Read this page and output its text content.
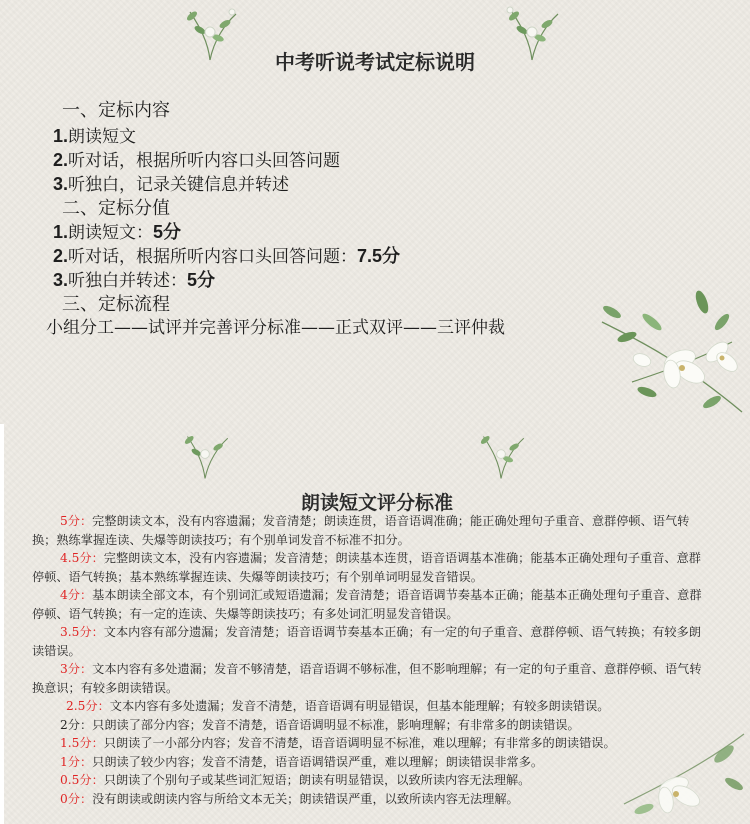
中考听说考试定标说明
一、定标内容
1.朗读短文
2.听对话，根据所听内容口头回答问题
3.听独白，记录关键信息并转述
二、定标分值
1.朗读短文：5分
2.听对话，根据所听内容口头回答问题：7.5分
3.听独白并转述：5分
三、定标流程
小组分工——试评并完善评分标准——正式双评——三评仲裁
朗读短文评分标准
5分：完整朗读文本，没有内容遗漏；发音清楚；朗读连贯，语音语调准确；能正确处理句子重音、意群停顿、语气转换；熟练掌握连读、失爆等朗读技巧；有个别单词发音不标准不扣分。
4.5分：完整朗读文本，没有内容遗漏；发音清楚；朗读基本连贯，语音语调基本准确；能基本正确处理句子重音、意群停顿、语气转换；基本熟练掌握连读、失爆等朗读技巧；有个别单词明显发音错误。
4分：基本朗读全部文本，有个别词汇或短语遗漏；发音清楚；语音语调节奏基本正确；能基本正确处理句子重音、意群停顿、语气转换；有一定的连读、失爆等朗读技巧；有多处词汇明显发音错误。
3.5分：文本内容有部分遗漏；发音清楚；语音语调节奏基本正确；有一定的句子重音、意群停顿、语气转换；有较多朗读错误。
3分：文本内容有多处遗漏；发音不够清楚，语音语调不够标准，但不影响理解；有一定的句子重音、意群停顿、语气转换意识；有较多朗读错误。
2.5分：文本内容有多处遗漏；发音不清楚，语音语调有明显错误，但基本能理解；有较多朗读错误。
2分：只朗读了部分内容；发音不清楚，语音语调明显不标准，影响理解；有非常多的朗读错误。
1.5分：只朗读了一小部分内容；发音不清楚，语音语调明显不标准，难以理解；有非常多的朗读错误。
1分：只朗读了较少内容；发音不清楚，语音语调错误严重，难以理解；朗读错误非常多。
0.5分：只朗读了个别句子或某些词汇短语；朗读有明显错误，以致所读内容无法理解。
0分：没有朗读或朗读内容与所给文本无关；朗读错误严重，以致所读内容无法理解。
